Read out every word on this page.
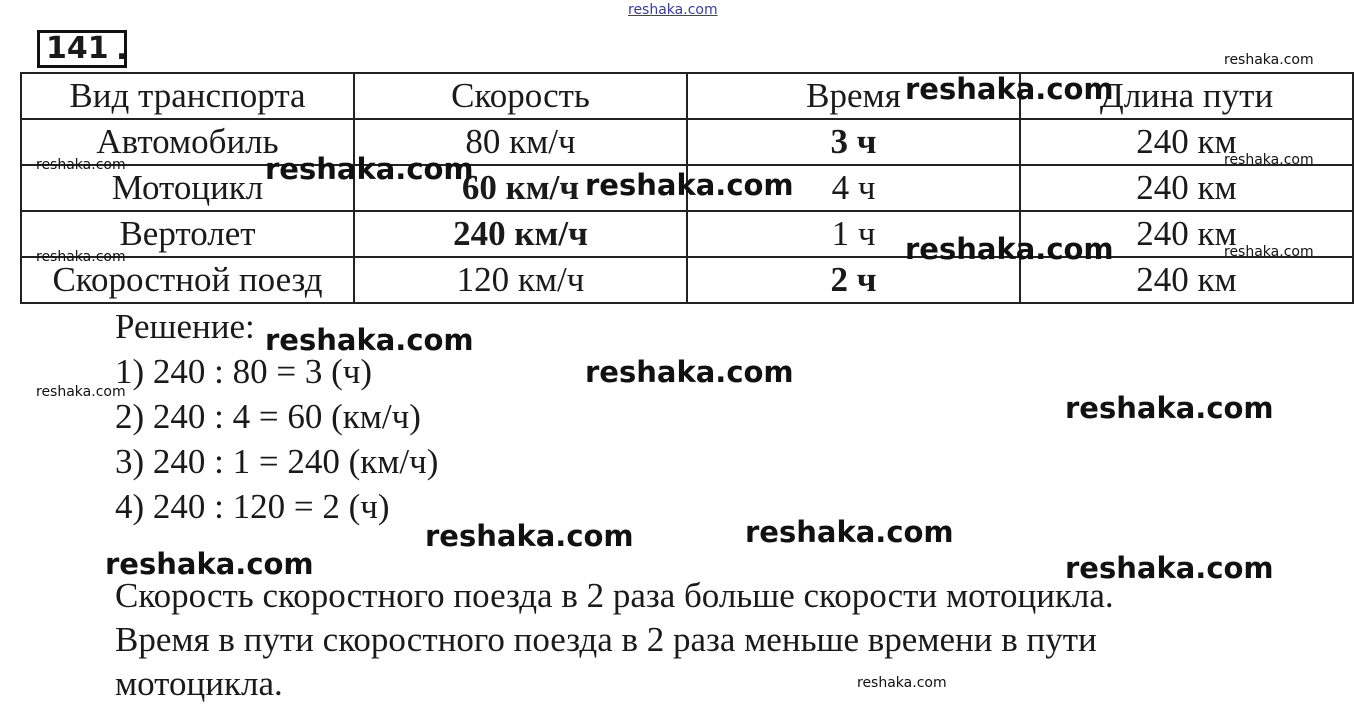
reshaka.com
141 .
Вид транспорта	Скорость	Время	Длина пути
Автомобиль	80 км/ч	3 ч	240 км
Мотоцикл	60 км/ч	4 ч	240 км
Вертолет	240 км/ч	1 ч	240 км
Скоростной поезд	120 км/ч	2 ч	240 км
Решение:
1) 240 : 80 = 3 (ч)
2) 240 : 4 = 60 (км/ч)
3) 240 : 1 = 240 (км/ч)
4) 240 : 120 = 2 (ч)
Скорость скоростного поезда в 2 раза больше скорости мотоцикла.
Время в пути скоростного поезда в 2 раза меньше времени в пути
мотоцикла.
reshaka.com
reshaka.com
reshaka.com	reshaka.com	reshaka.com
reshaka.com
reshaka.com
reshaka.com	reshaka.com
reshaka.com
reshaka.com
reshaka.com	reshaka.com
reshaka.com
reshaka.com
reshaka.com	reshaka.com
reshaka.com
